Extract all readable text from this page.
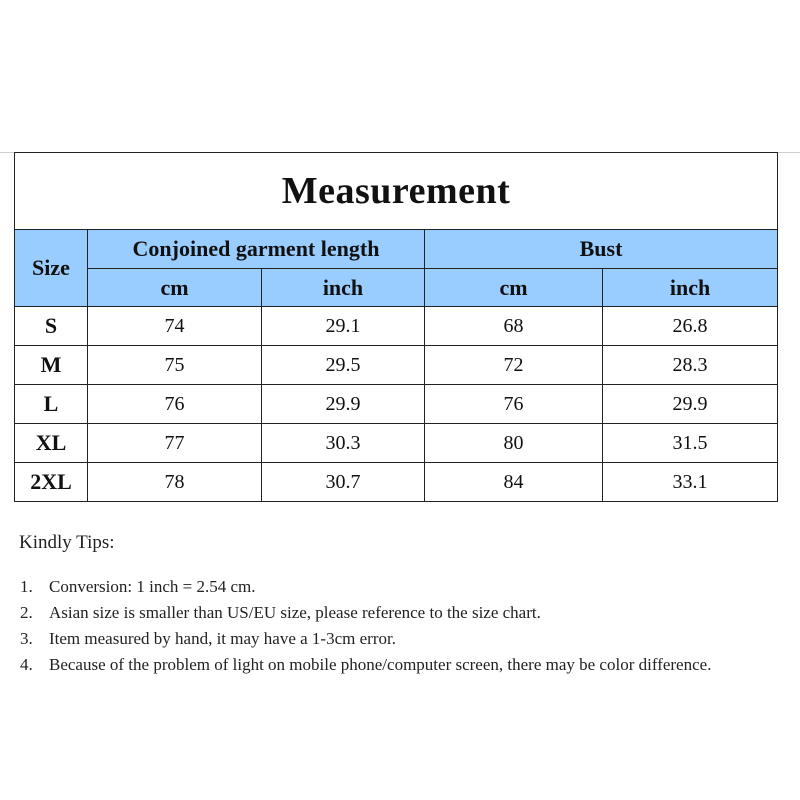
Measurement				
Size	Conjoined garment length		Bust	
	cm	inch	cm	inch
S	74	29.1	68	26.8
M	75	29.5	72	28.3
L	76	29.9	76	29.9
XL	77	30.3	80	31.5
2XL	78	30.7	84	33.1
Kindly Tips:
1. Conversion: 1 inch = 2.54 cm.
2. Asian size is smaller than US/EU size, please reference to the size chart.
3. Item measured by hand, it may have a 1-3cm error.
4. Because of the problem of light on mobile phone/computer screen, there may be color difference.
